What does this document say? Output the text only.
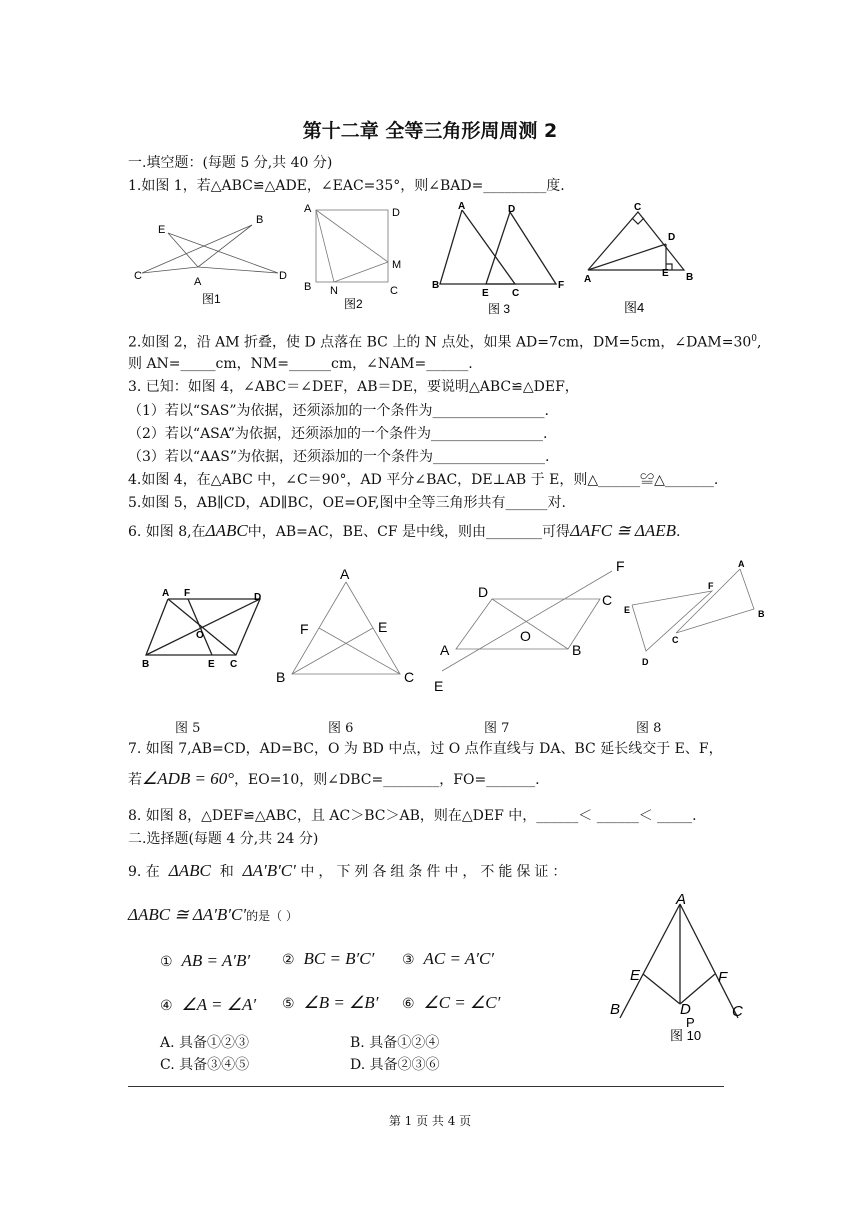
第十二章 全等三角形周周测 2
一.填空题：(每题 5 分,共 40 分)
1.如图 1，若△ABC≌△ADE，∠EAC=35°，则∠BAD=_________度.
E
B
C	A	D
图1
A	D
M
B N	C
图2
A	D
B
E C
F
图 3
C
D
A
E B
图4
2.如图 2，沿 AM 折叠，使 D 点落在 BC 上的 N 点处，如果 AD=7cm，DM=5cm，$\angle DAM=30^0$,
则 AN=_____cm，NM=______cm，∠NAM=______.
3. 已知：如图 4，∠ABC＝∠DEF，AB＝DE，要说明△ABC≌△DEF，
（1）若以“SAS”为依据，还须添加的一个条件为________________.
（2）若以“ASA”为依据，还须添加的一个条件为________________.
（3）若以“AAS”为依据，还须添加的一个条件为________________.
4.如图 4，在△ABC 中，∠C＝90°，AD 平分∠BAC，DE⊥AB 于 E，则△______≌△_______.
5.如图 5，AB∥CD，AD∥BC，OE=OF,图中全等三角形共有______对.
6. 如图 8,在ΔABC中，AB=AC，BE、CF 是中线，则由________可得ΔAFC ≅ ΔAEB.
A F	D
O
B	E C
A
F	E
B	C
F
D	C
O
A	B
E
A
F
E	B
C
D
图 5	图 6	图 7	图 8
7. 如图 7,AB=CD，AD=BC，O 为 BD 中点，过 O 点作直线与 DA、BC 延长线交于 E、F，
若∠ADB = 60°，EO=10，则∠DBC=________，FO=_______.
8. 如图 8，△DEF≌△ABC，且 AC＞BC＞AB，则在△DEF 中，______＜ ______＜ _____.
二.选择题(每题 4 分,共 24 分)
9. 在 ΔABC 和 ΔA′B′C′ 中，下列各组条件中，不能保证：
ΔABC ≅ ΔA′B′C′的是（ ）
① AB = A′B′ ② BC = B′C′ ③ AC = A′C′
④ ∠A = ∠A′ ⑤ ∠B = ∠B′ ⑥ ∠C = ∠C′
A. 具备①②③	B. 具备①②④
C. 具备③④⑤	D. 具备②③⑥
A
E	F
B	D	C
P
图 10
第 1 页 共 4 页
